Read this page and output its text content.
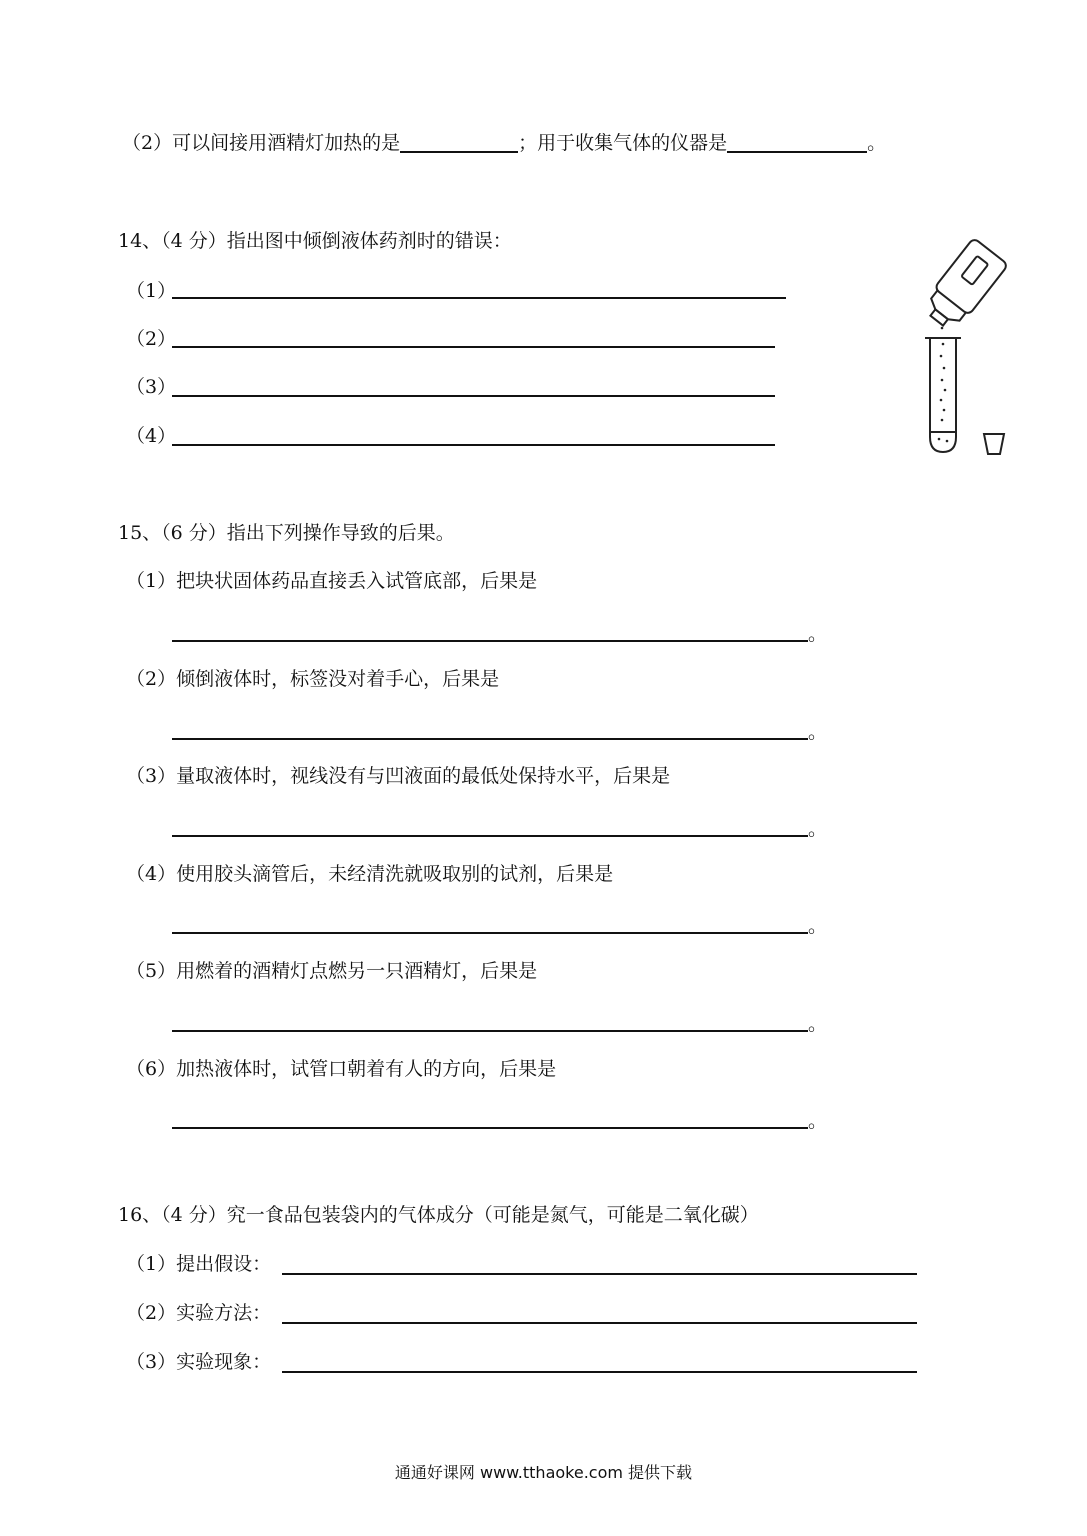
（2）可以间接用酒精灯加热的是	；用于收集气体的仪器是	。
14、（4 分）指出图中倾倒液体药剂时的错误：
（1）
（2）
（3）
（4）
15、（6 分）指出下列操作导致的后果。
（1）把块状固体药品直接丢入试管底部，后果是
。
（2）倾倒液体时，标签没对着手心，后果是
。
（3）量取液体时，视线没有与凹液面的最低处保持水平，后果是
。
（4）使用胶头滴管后，未经清洗就吸取别的试剂，后果是
。
（5）用燃着的酒精灯点燃另一只酒精灯，后果是
。
（6）加热液体时，试管口朝着有人的方向，后果是
。
16、（4 分）究一食品包装袋内的气体成分（可能是氮气，可能是二氧化碳）
（1）提出假设：
（2）实验方法：
（3）实验现象：
通通好课网 www.tthaoke.com 提供下载
